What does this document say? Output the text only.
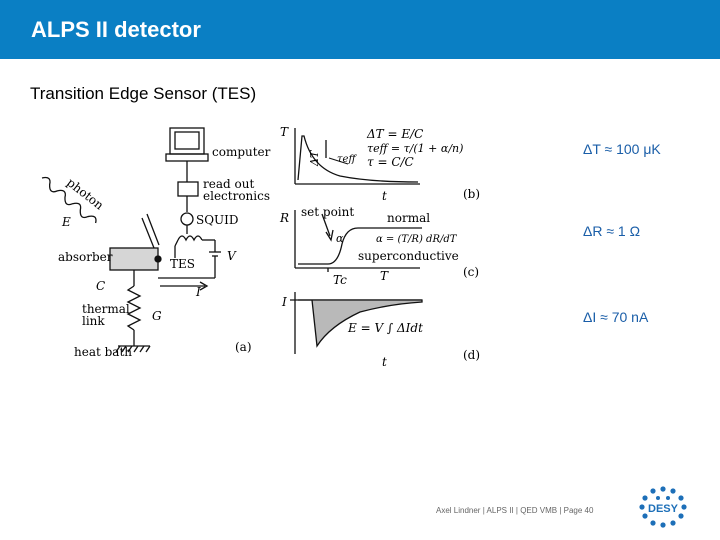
ALPS II detector
Transition Edge Sensor (TES)
computer
read out
electronics
SQUID
photon
E
absorber	TES
V
C	I
thermal
link	G
heat bath	(a)
T
ΔT
ΔT = E/C
τeff = τ/(1 + α/n)
τ = C/C
τeff
t	(b)
R set point	normal
α	α = (T/R) dR/dT
superconductive
Tc	T	(c)
I
E = V ∫ ΔIdt
t	(d)
ΔT ≈ 100 μK
ΔR ≈ 1 Ω
ΔI ≈ 70 nA
Axel Lindner | ALPS II | QED VMB | Page 40	DESY
